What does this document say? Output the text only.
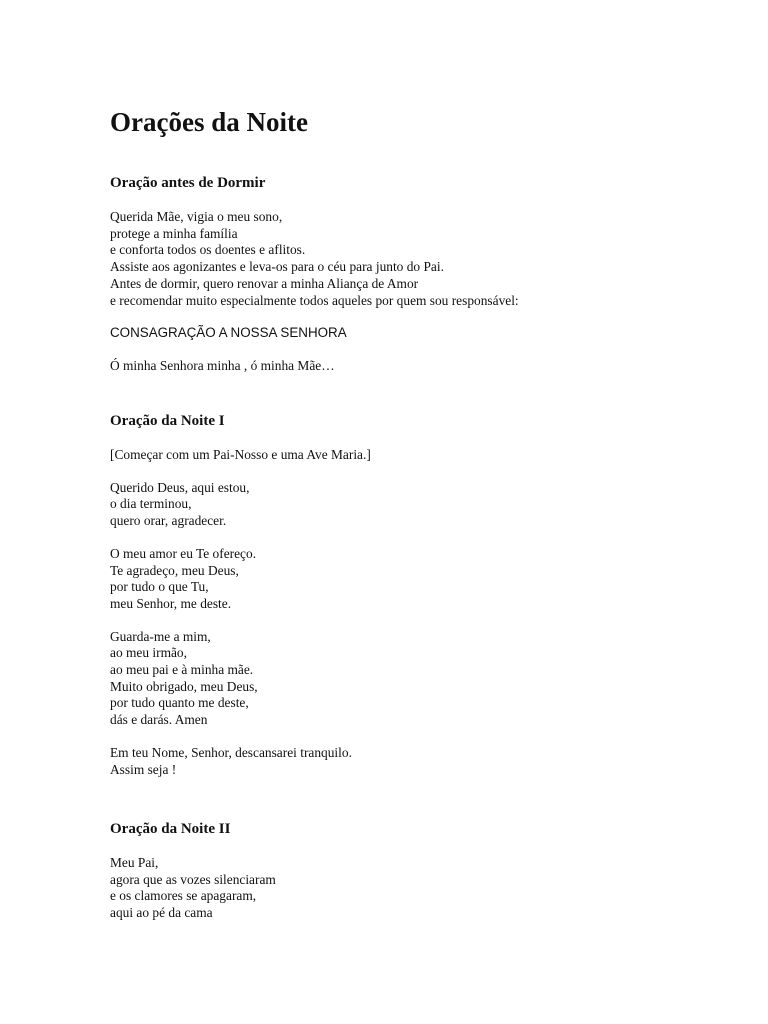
Orações da Noite
Oração antes de Dormir

Querida Mãe, vigia o meu sono,

protege a minha família

e conforta todos os doentes e aflitos.

Assiste aos agonizantes e leva-os para o céu para junto do Pai.

Antes de dormir, quero renovar a minha Aliança de Amor

e recomendar muito especialmente todos aqueles por quem sou responsável:

CONSAGRAÇÃO A NOSSA SENHORA

Ó minha Senhora minha , ó minha Mãe…

Oração da Noite I

[Começar com um Pai-Nosso e uma Ave Maria.]

Querido Deus, aqui estou,

o dia terminou,

quero orar, agradecer.

O meu amor eu Te ofereço.

Te agradeço, meu Deus,

por tudo o que Tu,

meu Senhor, me deste.

Guarda-me a mim,

ao meu irmão,

ao meu pai e à minha mãe.

Muito obrigado, meu Deus,

por tudo quanto me deste,

dás e darás. Amen

Em teu Nome, Senhor, descansarei tranquilo.

Assim seja !

Oração da Noite II

Meu Pai,

agora que as vozes silenciaram

e os clamores se apagaram,

aqui ao pé da cama
